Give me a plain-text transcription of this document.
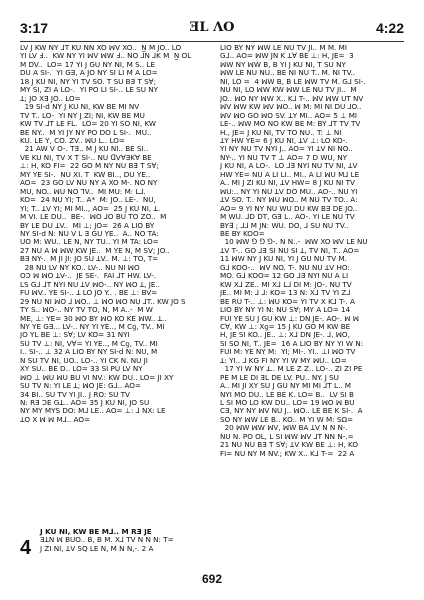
3:17	ƎL ΛO	4:22
LV J KW NY ⅃T KU NN XO ꟽV XO..  N̲ M JO.. LO
YI LV Ⅎ..  KW NY YI ꟽV ꟽW Ⅎ.. NO ⅃N ⅃K M  N̲ OL
M DV..  LO= 17 YI J GU NY NI, M S.. LE
DU A SI-.  YI GƎ, A JO NY SI LI M A LO=
18 J KU NI, NY YI TV SO. T SU BƎ T S∀;
MY SI, ZI A LO-.  YI PO LI SI-.. LE SU NY
ꓕ; JO XƎ JO.. LO=
19 SI-d NY J KU NI, KW BE MI NV
TV T.. LO-  YI NY J ZI; NI, KW BE MU
KW TV ⅃T LE FL.  LO= 20 YI SO NI, KW
BE NY..  M YI JY NY PO DO L SI-.  MU..
KU. LE Y, CO. ZV.. ꟽU L.. LO=
21 AW V O-. TƎ.. M J KU NI.. BE SI..
VE KU NI, TV X T SI-.. NU ᗡV∀ƎK∀ BE
⊥: H, KO FI=  22 GO M NY NU BƎ T S∀;
MY YE SI-.  NU XI. T  KW BI.., DU YE..
AO=  23 GO LV NU NY A XO M-. NO NY
MU, NO.. ꟽU NO ꞀV..  MI MU: M: L⅃.
KO=  24 NU YI; T.. A*  M: JO.. LE-.  NU,
YI; T.. ꓕV YI; MI MI.., AO=  25 J KU NI, ꓕ.
M VI. LE DU..  BE-.  ꟽO ⅃O BU TO ZO..  M
BY LE DU ꓕV..  MI ⊥; JO=  26 A LIO BY
NY SI-d N: NU V L Ǝ GU YE..  A.. NO TA:
UO M: WU.. LE N, NY TU.. YI M TA: LO=
27 NU A ꟽ ꟽW KW JE..  M YE N, M SV; JO..
BƎ NY-.  M JI JI: JO SU ꓕV.. M. ⊥: TO, T=
28 NU LV NY KO.. LV-.. NU NI ꟽO
OƆ ꟽ ꟽO ꓕV-..  JE SE-.  FAI ⅃T HW. LV-.
LS G⅃ ⅃T NYI NU ꓕV ꟽO-.. NY ꟽO ꓕ, JE..
FU ꟽV.. YE SI-.. ꓕ LO JO Y.. . BE ⊥: BV=
29 NU NI ꟽO ⅃ ꟽO.. ⊥ ꟽO ꟽO NU ⅃T.. KW JO S
TY S.. ꟽO-.. NY TV TO, N, M A..-  M W
ME, ⊥: YE= 30 ꟽO BY ꟽO KO KE ꟽW.. ꓕ..
NY YE GƎ... LV-.. NY YI YE.., M Cƍ, TV.. MI
JO YL BE ⊥: S∀; LV KO= 31 NYI
SU TV ⊥: NI, V∀= YI YE.., M Cƍ, TV.. MI
I.. SI-.. ⊥ 32 A LIO BY NY SI-d N: NU, M
N SU TV NI, UO.. LO-.. YI CK N. NU JI
XY SU.. BE D.. LO= 33 SI PU LV NY
ꟽO ⊥ ꟽU ꟽU BU VI NV.: KW DU.. LO= JI XY
SU TV N: YI LE ꓕ; ꟽO JE: G⅃.. AO=
34 BI.. SU TV YI JI.. J RO: SU TV
N: RƎ ƆE Gꓕ.. AO= 35 J KU NI, JO SU
NY MY MYS DO: M⅃ LE.. AO= ⊥: ⅃ NX: LE
ꓕO X ꟽ ꟽ M⅃.. AO=
LIO BY NY ꟽW LE NU TV JI.. M M. MI
G⅃.. AO= ꟽW JN K ꓕ∀ BE ⊥: H, JE=  3
ꟽW NY ꟽW B, B YI J KU NI, T SU NY
ꟽW LE NU NU.. BE NI NU T.. M. NI TV..
NI, LO =  4 ꟽW B, B LE ꟽW TV M. G⅃ SI-.
NU NI, LO ꟽW KW ꟽW LE NU TV JI..  M
JO.. ꟽO NY ꟽW X.. K⅃ T-.. ꟽV ꟽW UT NV
ꟽV ꟽW KW ꟽV ꟽO.. ꟽ M: MI NI DU ⅃O..
ꟽV ꟽO GO ꟽO SV. ꓕY MI.. AO= 5 ⊥ MI
LE-.. ꟽW MO NO KW BE M: BY ⅃T TV TV
H., JE= J KU NI, TV TO NU.. T: ⊥ NI
ꓕY HW YE= 6 J KU NI, ꓕV ⊥: LO KO-.
YI NY NU TV NYI J.. AO= YI ꓕV NI NO..
NY-.. YI NU TV T ⊥ AO= 7 D WU, NY
J KU NI, A LO-.  LO ⅃Ǝ NYI NU TV NI, ꓕV
HW YE= NU A LI LI.. MI.. A LI ꟽU M⅃ LE
A.. MI J ZI KU NI, ꓕV HW= 8 J KU NI TV
ꟽU:.. NY YI NU ꓕV DO MU.. AO-.. NU YI
ꓕV SO. T.. NY ꟽU ꟽO.. M NU TV TO.. A:
AO= 9 YI NY NU WU DU KW BƎ DE JO..
M WU. ⅃D DT, GƎ L.. AO-. YI LE NU TV
BY∃ ; ⅃⅃ M JN: WU. DO, ⅃ SU NU TV..
BE BY KOO=
10 ꟽW ⅁ ⅁ ⅁-. N N..-  ꟽW XO ꟽV LE NU
ꓕV T-.. GO ⅃Ǝ SI NU SI ꓕ, TV NI, T.. AO=
11 ꟽW NY J KU NI, YI J GU NU TV M.
G⅃ KOO-..  ꟽV NO. T-. NU NU ꓕV HO:
MO. G⅃ KOO= 12 GO ⅃Ǝ NYI NU A LI
KW X⅃ ZE.. MI X⅃ L⅃ DI M: JO-. NU TV
JE.. MI M: ⅃ ⅃: KO= 13 N: X⅃ TV YI Z⅃
BE RU T-.. ⊥: ꟽU KO= YI TV X K⅃ T-. A
LIO BY NY YI N: NU S∀; MY A LO= 14
FUI YE SU J GU KW ⊥: DN JE-. AO-. ꟽ ꟽ
C∀, KW ⊥: Xƍ= 15 J KU GO M KW BE
H, JE SI KO.. JE.. ⊥: X⅃ DN JE-. ⅃, ꟽO,
SI SO NI, T.. JE=  16 A LIO BY NY YI W N:
FUI M: YE NY M:  YI; MI-. YI.. ⊥I ꟽO TV
ꓕ: YI.. ⅃ KG FI NY YI W MY ꟽU.. LO=
17 YI W NY ꓕ.. M LE Z Z.. LO-.. ZI ZI PE
PE M LE DI ƎL DE LV. PU.. NY. J SU
A.. MI JI XY SU J GU NY MI MI ⅃T L.. M
NYI MO DU.. LE BE K. LO= B..  LV SI B
L SI MO LO KW DU.. LO= 19 ꟽO ꟽ BU
CƎ, NY NY ꟽV NU J.. ꟽO.. LE BE K SI-.  A
SO NY ꟽW LE B.. KO.. M YI W M: SΩ=
20 ꟽW ꟽW ꟽV, ꟽW BA ꓕV N N N-.
NU N. PO OL, L SI ꟽW ꟽV ⅃T NN N-.=
21 NU NU BƎ T S∀; ꓕV KW BE ⊥: H, KO
FI= NU NY M NV.; KW X.. K⅃ T-=  22 A
4
J KU NI, KW BE M⅃.. M RƎ JE
ƎꓕN ꟽ BUO.. B, B M. X⅃ TV N N N: T=
J ZI NI, ꓕV SQ LE N, M N N,-. 2 A
692
